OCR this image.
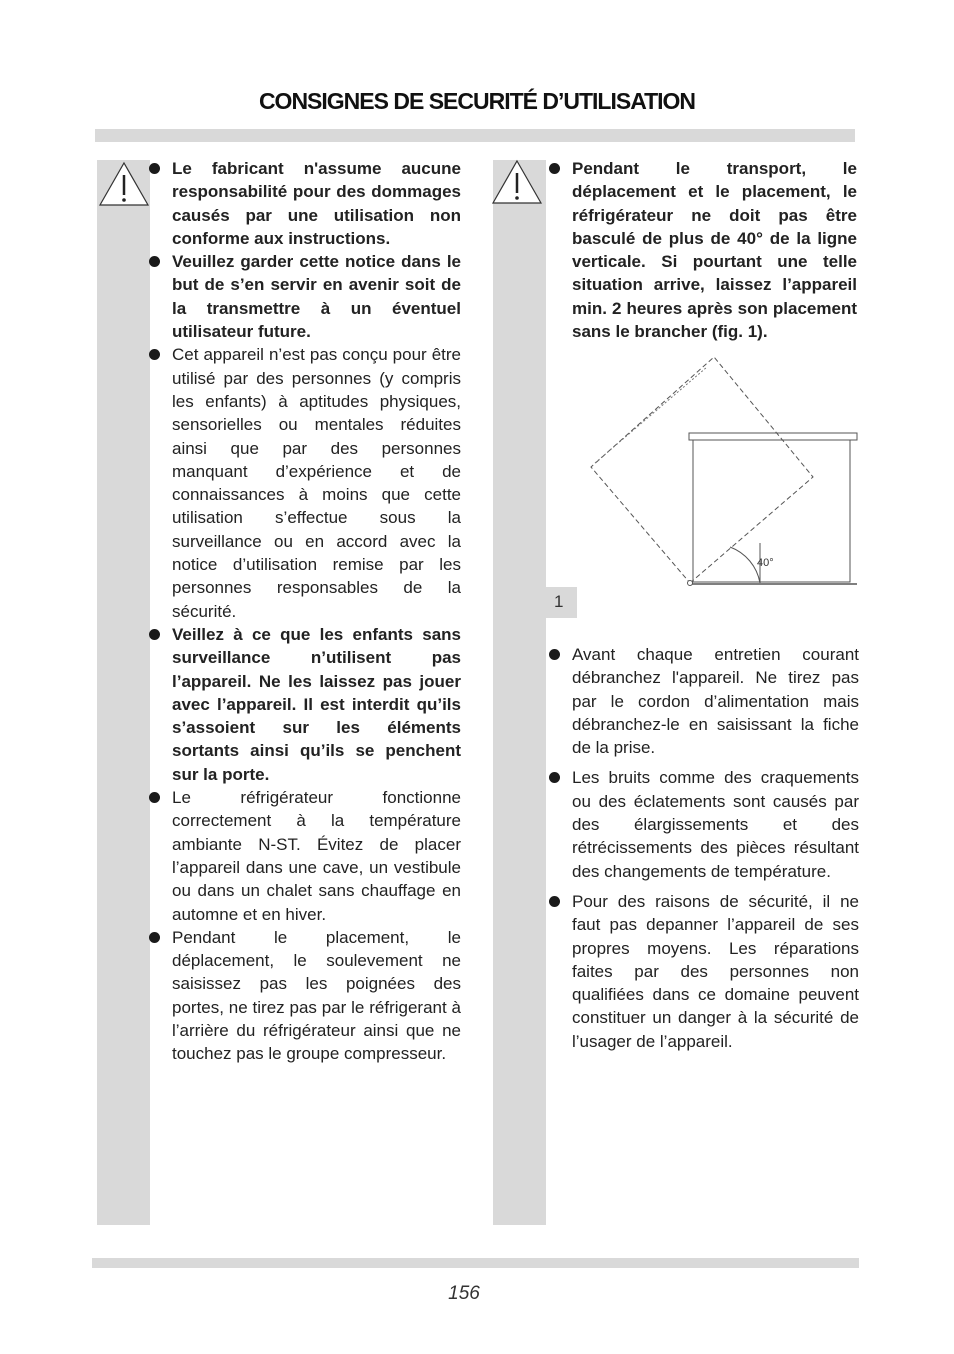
CONSIGNES DE SECURITÉ D’UTILISATION

Le fabricant n'assume aucune responsabilité pour des dommages causés par une utilisation non conforme aux instructions.

Veuillez garder cette notice dans le but de s’en servir en avenir soit de la transmettre à un éventuel utilisateur future.

Cet appareil n’est pas conçu pour être utilisé par des personnes (y compris les enfants) à aptitudes physiques, sensorielles ou mentales réduites ainsi que par des personnes manquant d’expérience et de connaissances à moins que cette utilisation s’effectue sous la surveillance ou en accord avec la notice d’utilisation remise par les personnes responsables de la sécurité.

Veillez à ce que les enfants sans surveillance n’utilisent pas l’appareil. Ne les laissez pas jouer avec l’appareil. Il est interdit qu’ils s’assoient sur les éléments sortants ainsi qu’ils se penchent sur la porte.

Le réfrigérateur fonctionne correctement à la température ambiante N-ST. Évitez de placer l’appareil dans une cave, un vestibule ou dans un chalet sans chauffage en automne et en hiver.

Pendant le placement, le déplacement, le soulevement ne saisissez pas les poignées des portes, ne tirez pas par le réfrigerant à l’arrière du réfrigérateur ainsi que ne touchez pas le groupe compresseur.

Pendant le transport, le déplacement et le placement, le réfrigérateur ne doit pas être basculé de plus de 40° de la ligne verticale. Si pourtant une telle situation arrive, laissez l’appareil min. 2 heures après son placement sans le brancher (fig. 1).

40°
1

Avant chaque entretien courant débranchez l'appareil. Ne tirez pas par le cordon d’alimentation mais débranchez-le en saisissant la fiche de la prise.

Les bruits comme des craquements ou des éclatements sont causés par des élargissements et des rétrécissements des pièces résultant des changements de température.

Pour des raisons de sécurité, il ne faut pas depanner l’appareil de ses propres moyens. Les réparations faites par des personnes non qualifiées dans ce domaine peuvent constituer un danger à la sécurité de l’usager de l’appareil.

156
